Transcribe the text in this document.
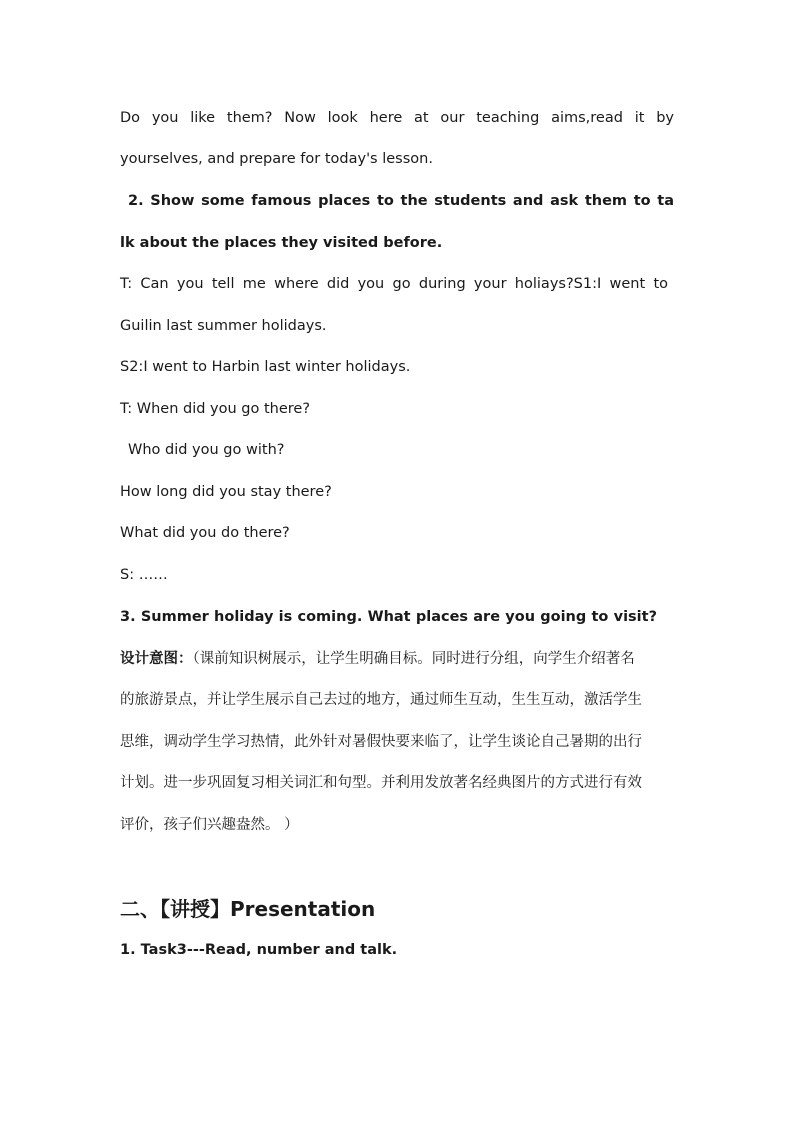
Do you like them? Now look here at our teaching aims,read it by
yourselves, and prepare for today's lesson.
2. Show some famous places to the students and ask them to ta
lk about the places they visited before.
T: Can you tell me where did you go during your holiays?S1:I went to
Guilin last summer holidays.
S2:I went to Harbin last winter holidays.
T: When did you go there?
Who did you go with?
How long did you stay there?
What did you do there?
S: ……
3. Summer holiday is coming. What places are you going to visit?
设计意图：（课前知识树展示，让学生明确目标。同时进行分组，向学生介绍著名
的旅游景点，并让学生展示自己去过的地方，通过师生互动，生生互动，激活学生
思维，调动学生学习热情，此外针对暑假快要来临了，让学生谈论自己暑期的出行
计划。进一步巩固复习相关词汇和句型。并利用发放著名经典图片的方式进行有效
评价，孩子们兴趣盎然。 ）
二、【讲授】Presentation
1. Task3---Read, number and talk.
